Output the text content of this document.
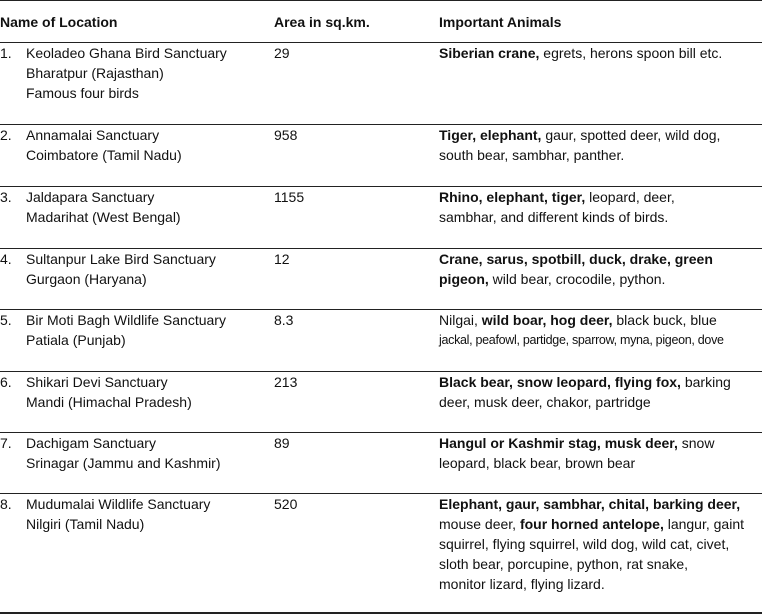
Name of Location		Area in sq.km.	Important Animals
1.	Keoladeo Ghana Bird Sanctuary
Bharatpur (Rajasthan)
Famous four birds	29	Siberian crane, egrets, herons spoon bill etc.

2.	Annamalai Sanctuary
Coimbatore (Tamil Nadu)	958	Tiger, elephant, gaur, spotted deer, wild dog,
south bear, sambhar, panther.

3.	Jaldapara Sanctuary
Madarihat (West Bengal)	1155	Rhino, elephant, tiger, leopard, deer,
sambhar, and different kinds of birds.

4.	Sultanpur Lake Bird Sanctuary
Gurgaon (Haryana)	12	Crane, sarus, spotbill, duck, drake, green
pigeon, wild bear, crocodile, python.

5.	Bir Moti Bagh Wildlife Sanctuary
Patiala (Punjab)	8.3	Nilgai, wild boar, hog deer, black buck, blue
jackal, peafowl, partidge, sparrow, myna, pigeon, dove

6.	Shikari Devi Sanctuary
Mandi (Himachal Pradesh)	213	Black bear, snow leopard, flying fox, barking
deer, musk deer, chakor, partridge

7.	Dachigam Sanctuary
Srinagar (Jammu and Kashmir)	89	Hangul or Kashmir stag, musk deer, snow
leopard, black bear, brown bear

8.	Mudumalai Wildlife Sanctuary
Nilgiri (Tamil Nadu)	520	Elephant, gaur, sambhar, chital, barking deer,
mouse deer, four horned antelope, langur, gaint
squirrel, flying squirrel, wild dog, wild cat, civet,
sloth bear, porcupine, python, rat snake,
monitor lizard, flying lizard.
